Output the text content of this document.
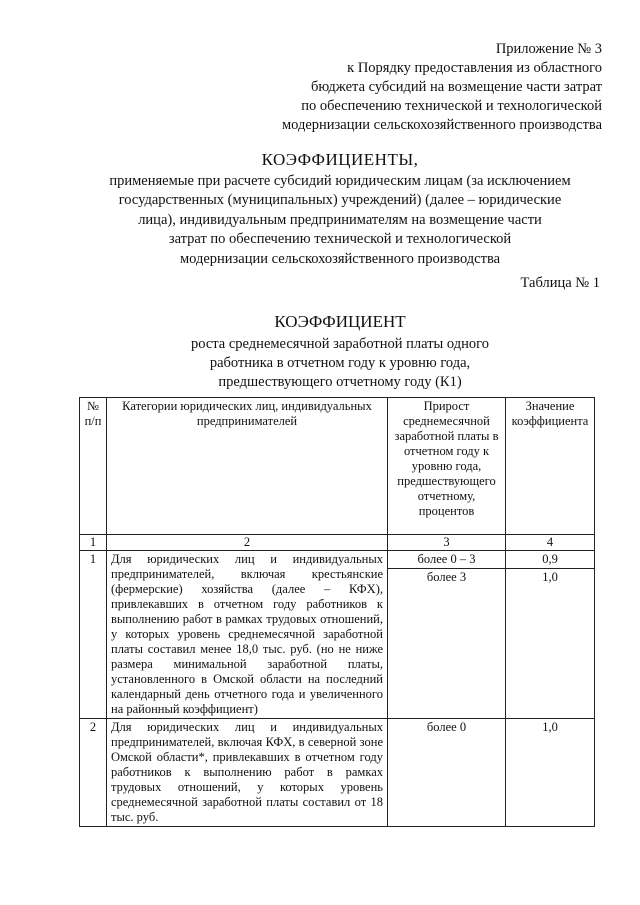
Приложение № 3
к Порядку предоставления из областного
бюджета субсидий на возмещение части затрат
по обеспечению технической и технологической
модернизации сельскохозяйственного производства
КОЭФФИЦИЕНТЫ,
применяемые при расчете субсидий юридическим лицам (за исключением
государственных (муниципальных) учреждений) (далее – юридические
лица), индивидуальным предпринимателям на возмещение части
затрат по обеспечению технической и технологической
модернизации сельскохозяйственного производства
Таблица № 1
КОЭФФИЦИЕНТ
роста среднемесячной заработной платы одного
работника в отчетном году к уровню года,
предшествующего отчетному году (К1)
№ п/п	Категории юридических лиц, индивидуальных предпринимателей	Прирост среднемесячной заработной платы в отчетном году к уровню года, предшествующего отчетному, процентов	Значение коэффициента
1	2	3	4
1	Для юридических лиц и индивидуальных предпринимателей, включая крестьянские (фермерские) хозяйства (далее – КФХ), привлекавших в отчетном году работников к выполнению работ в рамках трудовых отношений, у которых уровень среднемесячной заработной платы составил менее 18,0 тыс. руб. (но не ниже размера минимальной заработной платы, установленного в Омской области на последний календарный день отчетного года и увеличенного на районный коэффициент)	более 0 – 3	0,9
		более 3	1,0
2	Для юридических лиц и индивидуальных предпринимателей, включая КФХ, в северной зоне Омской области*, привлекавших в отчетном году работников к выполнению работ в рамках трудовых отношений, у которых уровень среднемесячной заработной платы составил от 18 тыс. руб.	более 0	1,0
